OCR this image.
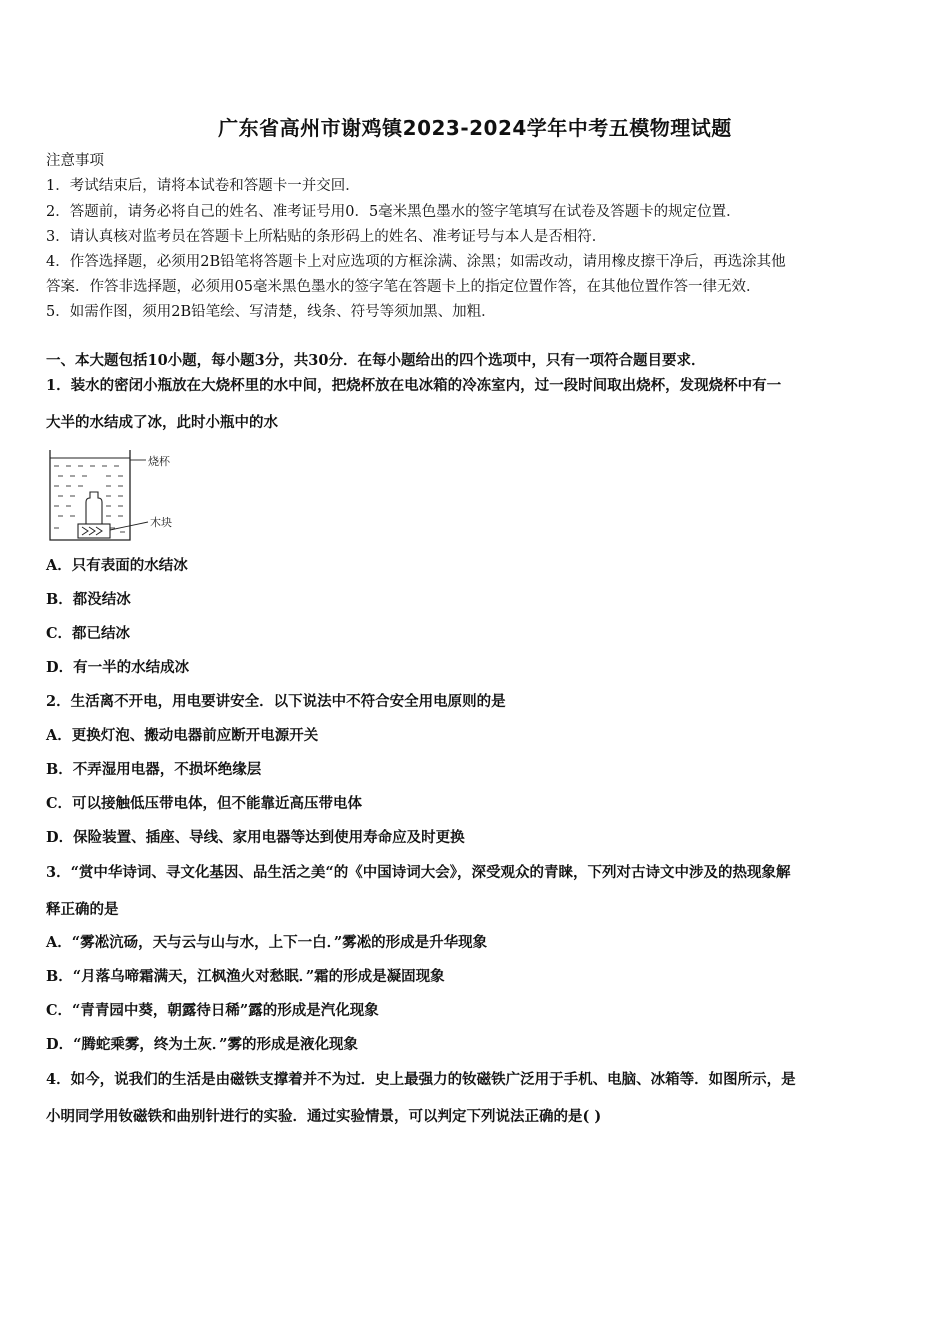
广东省高州市谢鸡镇2023-2024学年中考五模物理试题
注意事项
1．考试结束后，请将本试卷和答题卡一并交回．
2．答题前，请务必将自己的姓名、准考证号用0．5毫米黑色墨水的签字笔填写在试卷及答题卡的规定位置．
3．请认真核对监考员在答题卡上所粘贴的条形码上的姓名、准考证号与本人是否相符．
4．作答选择题，必须用2B铅笔将答题卡上对应选项的方框涂满、涂黑；如需改动，请用橡皮擦干净后，再选涂其他
答案．作答非选择题，必须用05毫米黑色墨水的签字笔在答题卡上的指定位置作答，在其他位置作答一律无效．
5．如需作图，须用2B铅笔绘、写清楚，线条、符号等须加黑、加粗．
一、本大题包括10小题，每小题3分，共30分．在每小题给出的四个选项中，只有一项符合题目要求．
1．装水的密闭小瓶放在大烧杯里的水中间，把烧杯放在电冰箱的冷冻室内，过一段时间取出烧杯，发现烧杯中有一
大半的水结成了冰，此时小瓶中的水
烧杯
木块
A．只有表面的水结冰
B．都没结冰
C．都已结冰
D．有一半的水结成冰
2．生活离不开电，用电要讲安全．以下说法中不符合安全用电原则的是
A．更换灯泡、搬动电器前应断开电源开关
B．不弄湿用电器，不损坏绝缘层
C．可以接触低压带电体，但不能靠近高压带电体
D．保险装置、插座、导线、家用电器等达到使用寿命应及时更换
3．“赏中华诗词、寻文化基因、品生活之美“的《中国诗词大会》，深受观众的青睐，下列对古诗文中涉及的热现象解
释正确的是
A．“雾凇沆砀，天与云与山与水，上下一白．”雾凇的形成是升华现象
B．“月落乌啼霜满天，江枫渔火对愁眠．”霜的形成是凝固现象
C．“青青园中葵，朝露待日稀”露的形成是汽化现象
D．“腾蛇乘雾，终为土灰．”雾的形成是液化现象
4．如今，说我们的生活是由磁铁支撑着并不为过．史上最强力的钕磁铁广泛用于手机、电脑、冰箱等．如图所示，是
小明同学用钕磁铁和曲别针进行的实验．通过实验情景，可以判定下列说法正确的是( )
